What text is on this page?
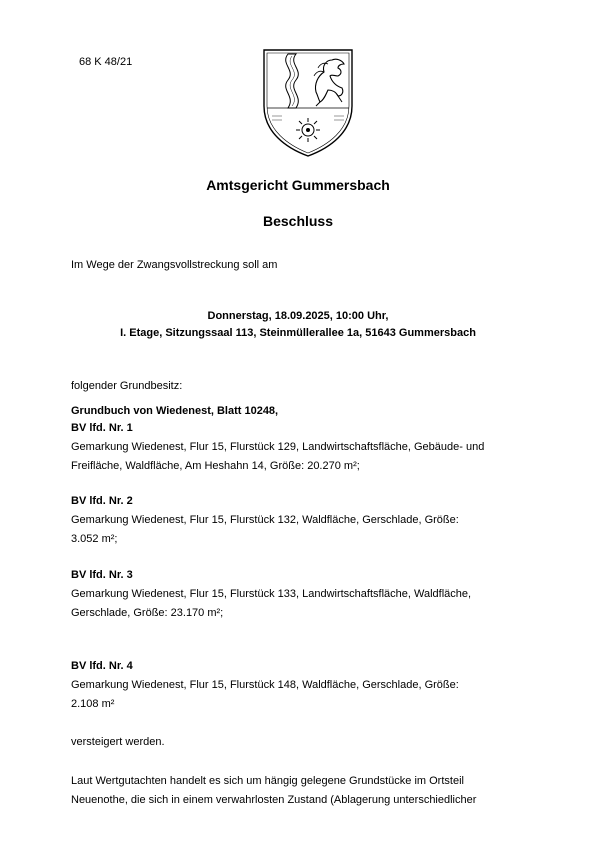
68 K 48/21
Amtsgericht Gummersbach
Beschluss
Im Wege der Zwangsvollstreckung soll am
Donnerstag, 18.09.2025, 10:00 Uhr,
I. Etage, Sitzungssaal 113, Steinmüllerallee 1a, 51643 Gummersbach
folgender Grundbesitz:
Grundbuch von Wiedenest, Blatt 10248,
BV lfd. Nr. 1
Gemarkung Wiedenest, Flur 15, Flurstück 129, Landwirtschaftsfläche, Gebäude- und
Freifläche, Waldfläche, Am Heshahn 14, Größe: 20.270 m²;
BV lfd. Nr. 2
Gemarkung Wiedenest, Flur 15, Flurstück 132, Waldfläche, Gerschlade, Größe:
3.052 m²;
BV lfd. Nr. 3
Gemarkung Wiedenest, Flur 15, Flurstück 133, Landwirtschaftsfläche, Waldfläche,
Gerschlade, Größe: 23.170 m²;
BV lfd. Nr. 4
Gemarkung Wiedenest, Flur 15, Flurstück 148, Waldfläche, Gerschlade, Größe:
2.108 m²
versteigert werden.
Laut Wertgutachten handelt es sich um hängig gelegene Grundstücke im Ortsteil
Neuenothe, die sich in einem verwahrlosten Zustand (Ablagerung unterschiedlicher
